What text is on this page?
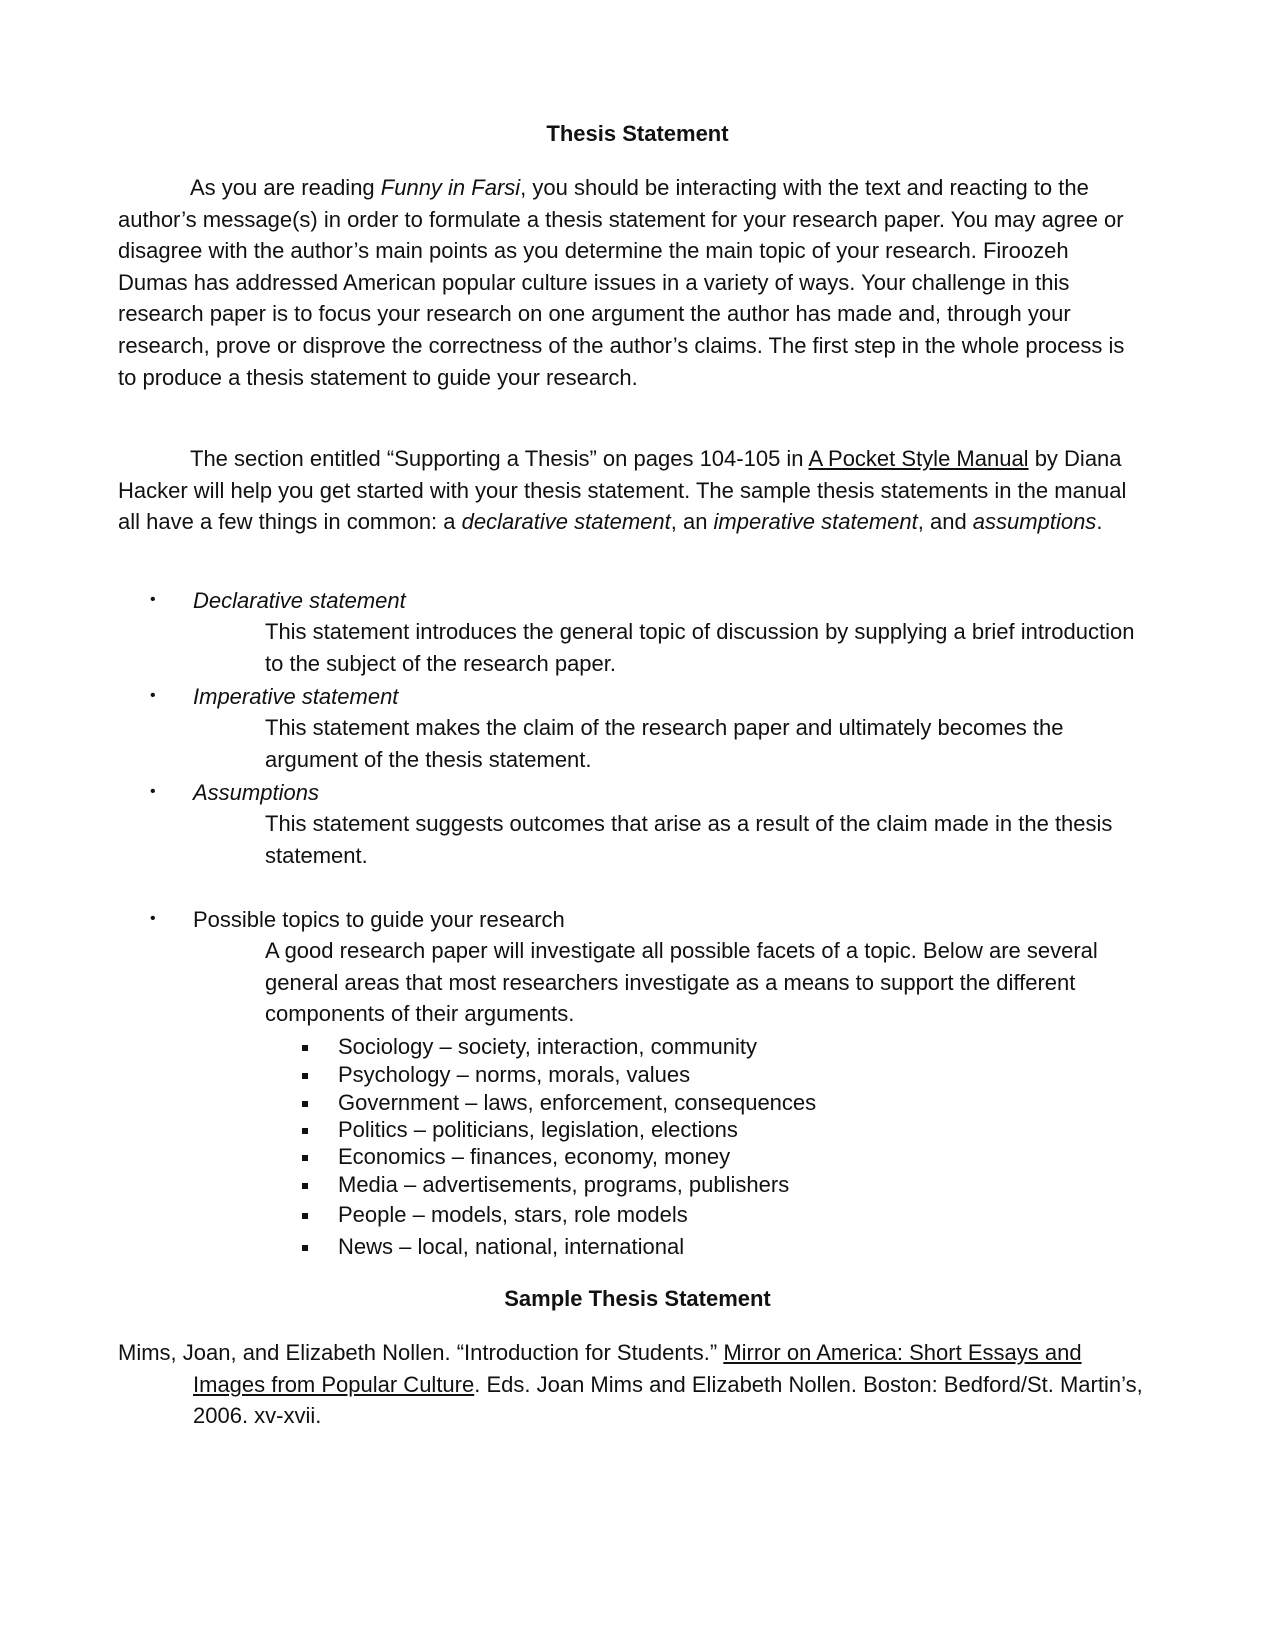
Thesis Statement

As you are reading Funny in Farsi, you should be interacting with the text and reacting to the author’s message(s) in order to formulate a thesis statement for your research paper. You may agree or disagree with the author’s main points as you determine the main topic of your research. Firoozeh Dumas has addressed American popular culture issues in a variety of ways. Your challenge in this research paper is to focus your research on one argument the author has made and, through your research, prove or disprove the correctness of the author’s claims. The first step in the whole process is to produce a thesis statement to guide your research.

The section entitled “Supporting a Thesis” on pages 104-105 in A Pocket Style Manual by Diana Hacker will help you get started with your thesis statement. The sample thesis statements in the manual all have a few things in common: a declarative statement, an imperative statement, and assumptions.

• Declarative statement
This statement introduces the general topic of discussion by supplying a brief introduction to the subject of the research paper.
• Imperative statement
This statement makes the claim of the research paper and ultimately becomes the argument of the thesis statement.
• Assumptions
This statement suggests outcomes that arise as a result of the claim made in the thesis statement.
• Possible topics to guide your research
A good research paper will investigate all possible facets of a topic. Below are several general areas that most researchers investigate as a means to support the different components of their arguments.
Sociology – society, interaction, community
Psychology – norms, morals, values
Government – laws, enforcement, consequences
Politics – politicians, legislation, elections
Economics – finances, economy, money
Media – advertisements, programs, publishers
People – models, stars, role models
News – local, national, international
Sample Thesis Statement
Mims, Joan, and Elizabeth Nollen. “Introduction for Students.” Mirror on America: Short Essays and Images from Popular Culture. Eds. Joan Mims and Elizabeth Nollen. Boston: Bedford/St. Martin’s, 2006. xv-xvii.
